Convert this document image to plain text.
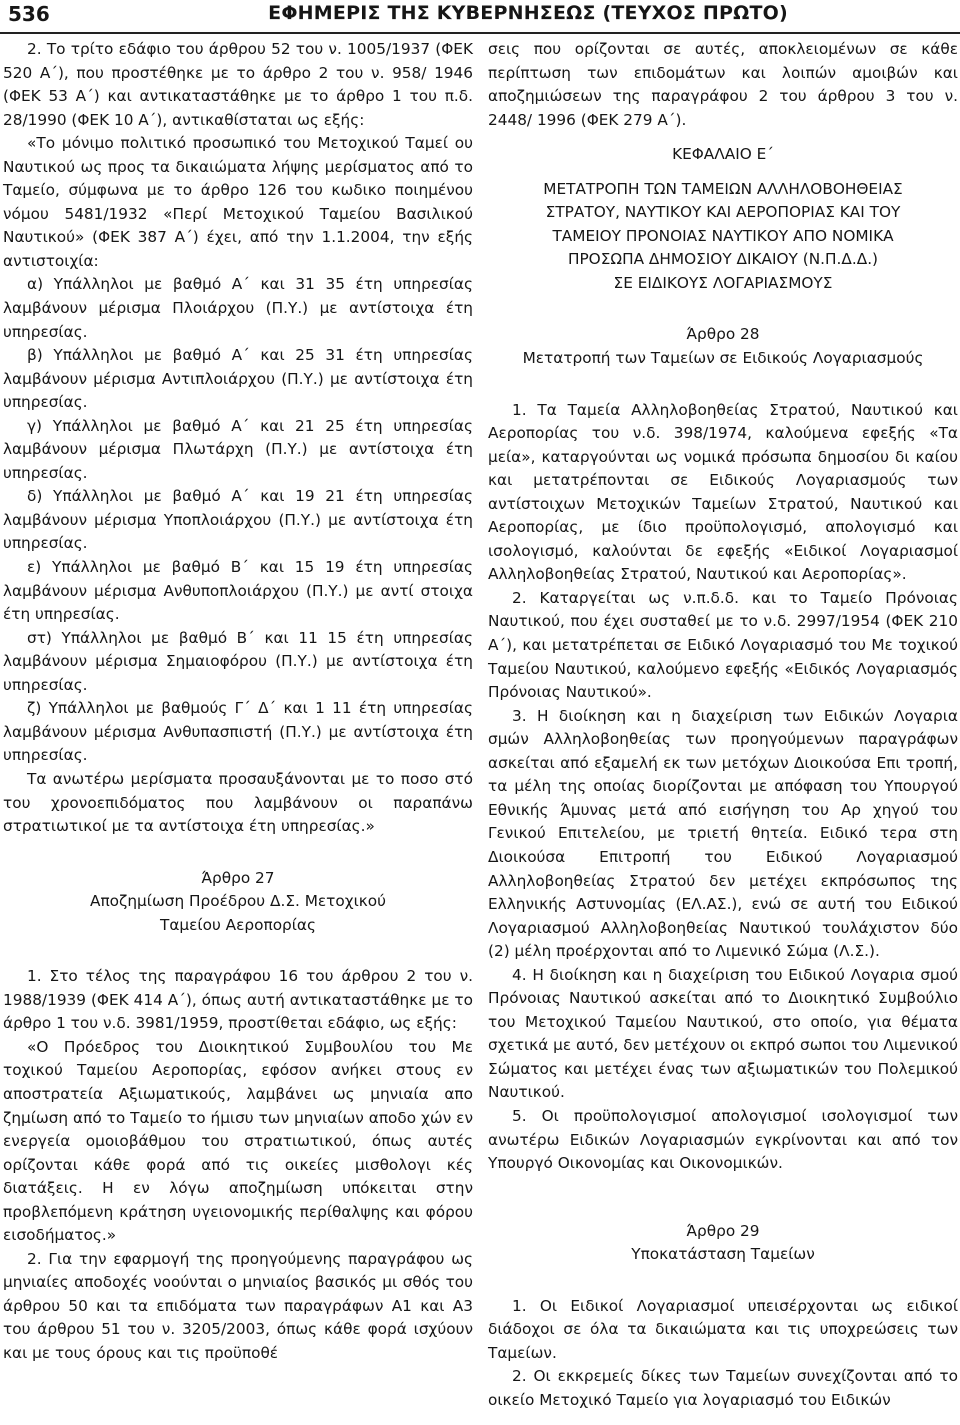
536	ΕΦΗΜΕΡΙΣ ΤΗΣ ΚΥΒΕΡΝΗΣΕΩΣ (ΤΕΥΧΟΣ ΠΡΩΤΟ)

2. Το τρίτο εδάφιο του άρθρου 52 του ν. 1005/1937 (ΦΕΚ 520 Α΄), που προστέθηκε με το άρθρο 2 του ν. 958/ 1946 (ΦΕΚ 53 Α΄) και αντικαταστάθηκε με το άρθρο 1 του π.δ. 28/1990 (ΦΕΚ 10 Α΄), αντικαθίσταται ως εξής:

«Το μόνιμο πολιτικό προσωπικό του Μετοχικού Ταμεί ου Ναυτικού ως προς τα δικαιώματα λήψης μερίσματος από το Ταμείο, σύμφωνα με το άρθρο 126 του κωδικο ποιημένου νόμου 5481/1932 «Περί Μετοχικού Ταμείου Βασιλικού Ναυτικού» (ΦΕΚ 387 Α΄) έχει, από την 1.1.2004, την εξής αντιστοιχία:

α) Υπάλληλοι με βαθμό Α΄ και 31 35 έτη υπηρεσίας λαμβάνουν μέρισμα Πλοιάρχου (Π.Υ.) με αντίστοιχα έτη υπηρεσίας.

β) Υπάλληλοι με βαθμό Α΄ και 25 31 έτη υπηρεσίας λαμβάνουν μέρισμα Αντιπλοιάρχου (Π.Υ.) με αντίστοιχα έτη υπηρεσίας.

γ) Υπάλληλοι με βαθμό Α΄ και 21 25 έτη υπηρεσίας λαμβάνουν μέρισμα Πλωτάρχη (Π.Υ.) με αντίστοιχα έτη υπηρεσίας.

δ) Υπάλληλοι με βαθμό Α΄ και 19 21 έτη υπηρεσίας λαμβάνουν μέρισμα Υποπλοιάρχου (Π.Υ.) με αντίστοιχα έτη υπηρεσίας.

ε) Υπάλληλοι με βαθμό Β΄ και 15 19 έτη υπηρεσίας λαμβάνουν μέρισμα Ανθυποπλοιάρχου (Π.Υ.) με αντί στοιχα έτη υπηρεσίας.

στ) Υπάλληλοι με βαθμό Β΄ και 11 15 έτη υπηρεσίας λαμβάνουν μέρισμα Σημαιοφόρου (Π.Υ.) με αντίστοιχα έτη υπηρεσίας.

ζ) Υπάλληλοι με βαθμούς Γ΄ Δ΄ και 1 11 έτη υπηρεσίας λαμβάνουν μέρισμα Ανθυπασπιστή (Π.Υ.) με αντίστοιχα έτη υπηρεσίας.

Τα ανωτέρω μερίσματα προσαυξάνονται με το ποσο στό του χρονοεπιδόματος που λαμβάνουν οι παραπάνω στρατιωτικοί με τα αντίστοιχα έτη υπηρεσίας.»

Άρθρο 27

Αποζημίωση Προέδρου Δ.Σ. Μετοχικού

Ταμείου Αεροπορίας

1. Στο τέλος της παραγράφου 16 του άρθρου 2 του ν. 1988/1939 (ΦΕΚ 414 Α΄), όπως αυτή αντικαταστάθηκε με το άρθρο 1 του ν.δ. 3981/1959, προστίθεται εδάφιο, ως εξής:

«Ο Πρόεδρος του Διοικητικού Συμβουλίου του Με τοχικού Ταμείου Αεροπορίας, εφόσον ανήκει στους εν αποστρατεία Αξιωματικούς, λαμβάνει ως μηνιαία απο ζημίωση από το Ταμείο το ήμισυ των μηνιαίων αποδο χών εν ενεργεία ομοιοβάθμου του στρατιωτικού, όπως αυτές ορίζονται κάθε φορά από τις οικείες μισθολογι κές διατάξεις. Η εν λόγω αποζημίωση υπόκειται στην προβλεπόμενη κράτηση υγειονομικής περίθαλψης και φόρου εισοδήματος.»

2. Για την εφαρμογή της προηγούμενης παραγράφου ως μηνιαίες αποδοχές νοούνται ο μηνιαίος βασικός μι σθός του άρθρου 50 και τα επιδόματα των παραγράφων Α1 και Α3 του άρθρου 51 του ν. 3205/2003, όπως κάθε φορά ισχύουν και με τους όρους και τις προϋποθέ

σεις που ορίζονται σε αυτές, αποκλειομένων σε κάθε περίπτωση των επιδομάτων και λοιπών αμοιβών και αποζημιώσεων της παραγράφου 2 του άρθρου 3 του ν. 2448/ 1996 (ΦΕΚ 279 Α΄).

ΚΕΦΑΛΑΙΟ Ε΄

ΜΕΤΑΤΡΟΠΗ ΤΩΝ ΤΑΜΕΙΩΝ ΑΛΛΗΛΟΒΟΗΘΕΙΑΣ

ΣΤΡΑΤΟΥ, ΝΑΥΤΙΚΟΥ ΚΑΙ ΑΕΡΟΠΟΡΙΑΣ ΚΑΙ ΤΟΥ

ΤΑΜΕΙΟΥ ΠΡΟΝΟΙΑΣ ΝΑΥΤΙΚΟΥ ΑΠΟ ΝΟΜΙΚΑ

ΠΡΟΣΩΠΑ ΔΗΜΟΣΙΟΥ ΔΙΚΑΙΟΥ (Ν.Π.Δ.Δ.)

ΣΕ ΕΙΔΙΚΟΥΣ ΛΟΓΑΡΙΑΣΜΟΥΣ

Άρθρο 28

Μετατροπή των Ταμείων σε Ειδικούς Λογαριασμούς

1. Τα Ταμεία Αλληλοβοηθείας Στρατού, Ναυτικού και Αεροπορίας του ν.δ. 398/1974, καλούμενα εφεξής «Τα μεία», καταργούνται ως νομικά πρόσωπα δημοσίου δι καίου και μετατρέπονται σε Ειδικούς Λογαριασμούς των αντίστοιχων Μετοχικών Ταμείων Στρατού, Ναυτικού και Αεροπορίας, με ίδιο προϋπολογισμό, απολογισμό και ισολογισμό, καλούνται δε εφεξής «Ειδικοί Λογαριασμοί Αλληλοβοηθείας Στρατού, Ναυτικού και Αεροπορίας».

2. Καταργείται ως ν.π.δ.δ. και το Ταμείο Πρόνοιας Ναυτικού, που έχει συσταθεί με το ν.δ. 2997/1954 (ΦΕΚ 210 Α΄), και μετατρέπεται σε Ειδικό Λογαριασμό του Με τοχικού Ταμείου Ναυτικού, καλούμενο εφεξής «Ειδικός Λογαριασμός Πρόνοιας Ναυτικού».

3. Η διοίκηση και η διαχείριση των Ειδικών Λογαρια σμών Αλληλοβοηθείας των προηγούμενων παραγράφων ασκείται από εξαμελή εκ των μετόχων Διοικούσα Επι τροπή, τα μέλη της οποίας διορίζονται με απόφαση του Υπουργού Εθνικής Άμυνας μετά από εισήγηση του Αρ χηγού του Γενικού Επιτελείου, με τριετή θητεία. Ειδικό τερα στη Διοικούσα Επιτροπή του Ειδικού Λογαριασμού Αλληλοβοηθείας Στρατού δεν μετέχει εκπρόσωπος της Ελληνικής Αστυνομίας (ΕΛ.ΑΣ.), ενώ σε αυτή του Ειδικού Λογαριασμού Αλληλοβοηθείας Ναυτικού τουλάχιστον δύο (2) μέλη προέρχονται από το Λιμενικό Σώμα (Λ.Σ.).

4. Η διοίκηση και η διαχείριση του Ειδικού Λογαρια σμού Πρόνοιας Ναυτικού ασκείται από το Διοικητικό Συμβούλιο του Μετοχικού Ταμείου Ναυτικού, στο οποίο, για θέματα σχετικά με αυτό, δεν μετέχουν οι εκπρό σωποι του Λιμενικού Σώματος και μετέχει ένας των αξιωματικών του Πολεμικού Ναυτικού.

5. Οι προϋπολογισμοί απολογισμοί ισολογισμοί των ανωτέρω Ειδικών Λογαριασμών εγκρίνονται και από τον Υπουργό Οικονομίας και Οικονομικών.

Άρθρο 29

Υποκατάσταση Ταμείων

1. Οι Ειδικοί Λογαριασμοί υπεισέρχονται ως ειδικοί διάδοχοι σε όλα τα δικαιώματα και τις υποχρεώσεις των Ταμείων.

2. Οι εκκρεμείς δίκες των Ταμείων συνεχίζονται από το οικείο Μετοχικό Ταμείο για λογαριασμό του Ειδικών
